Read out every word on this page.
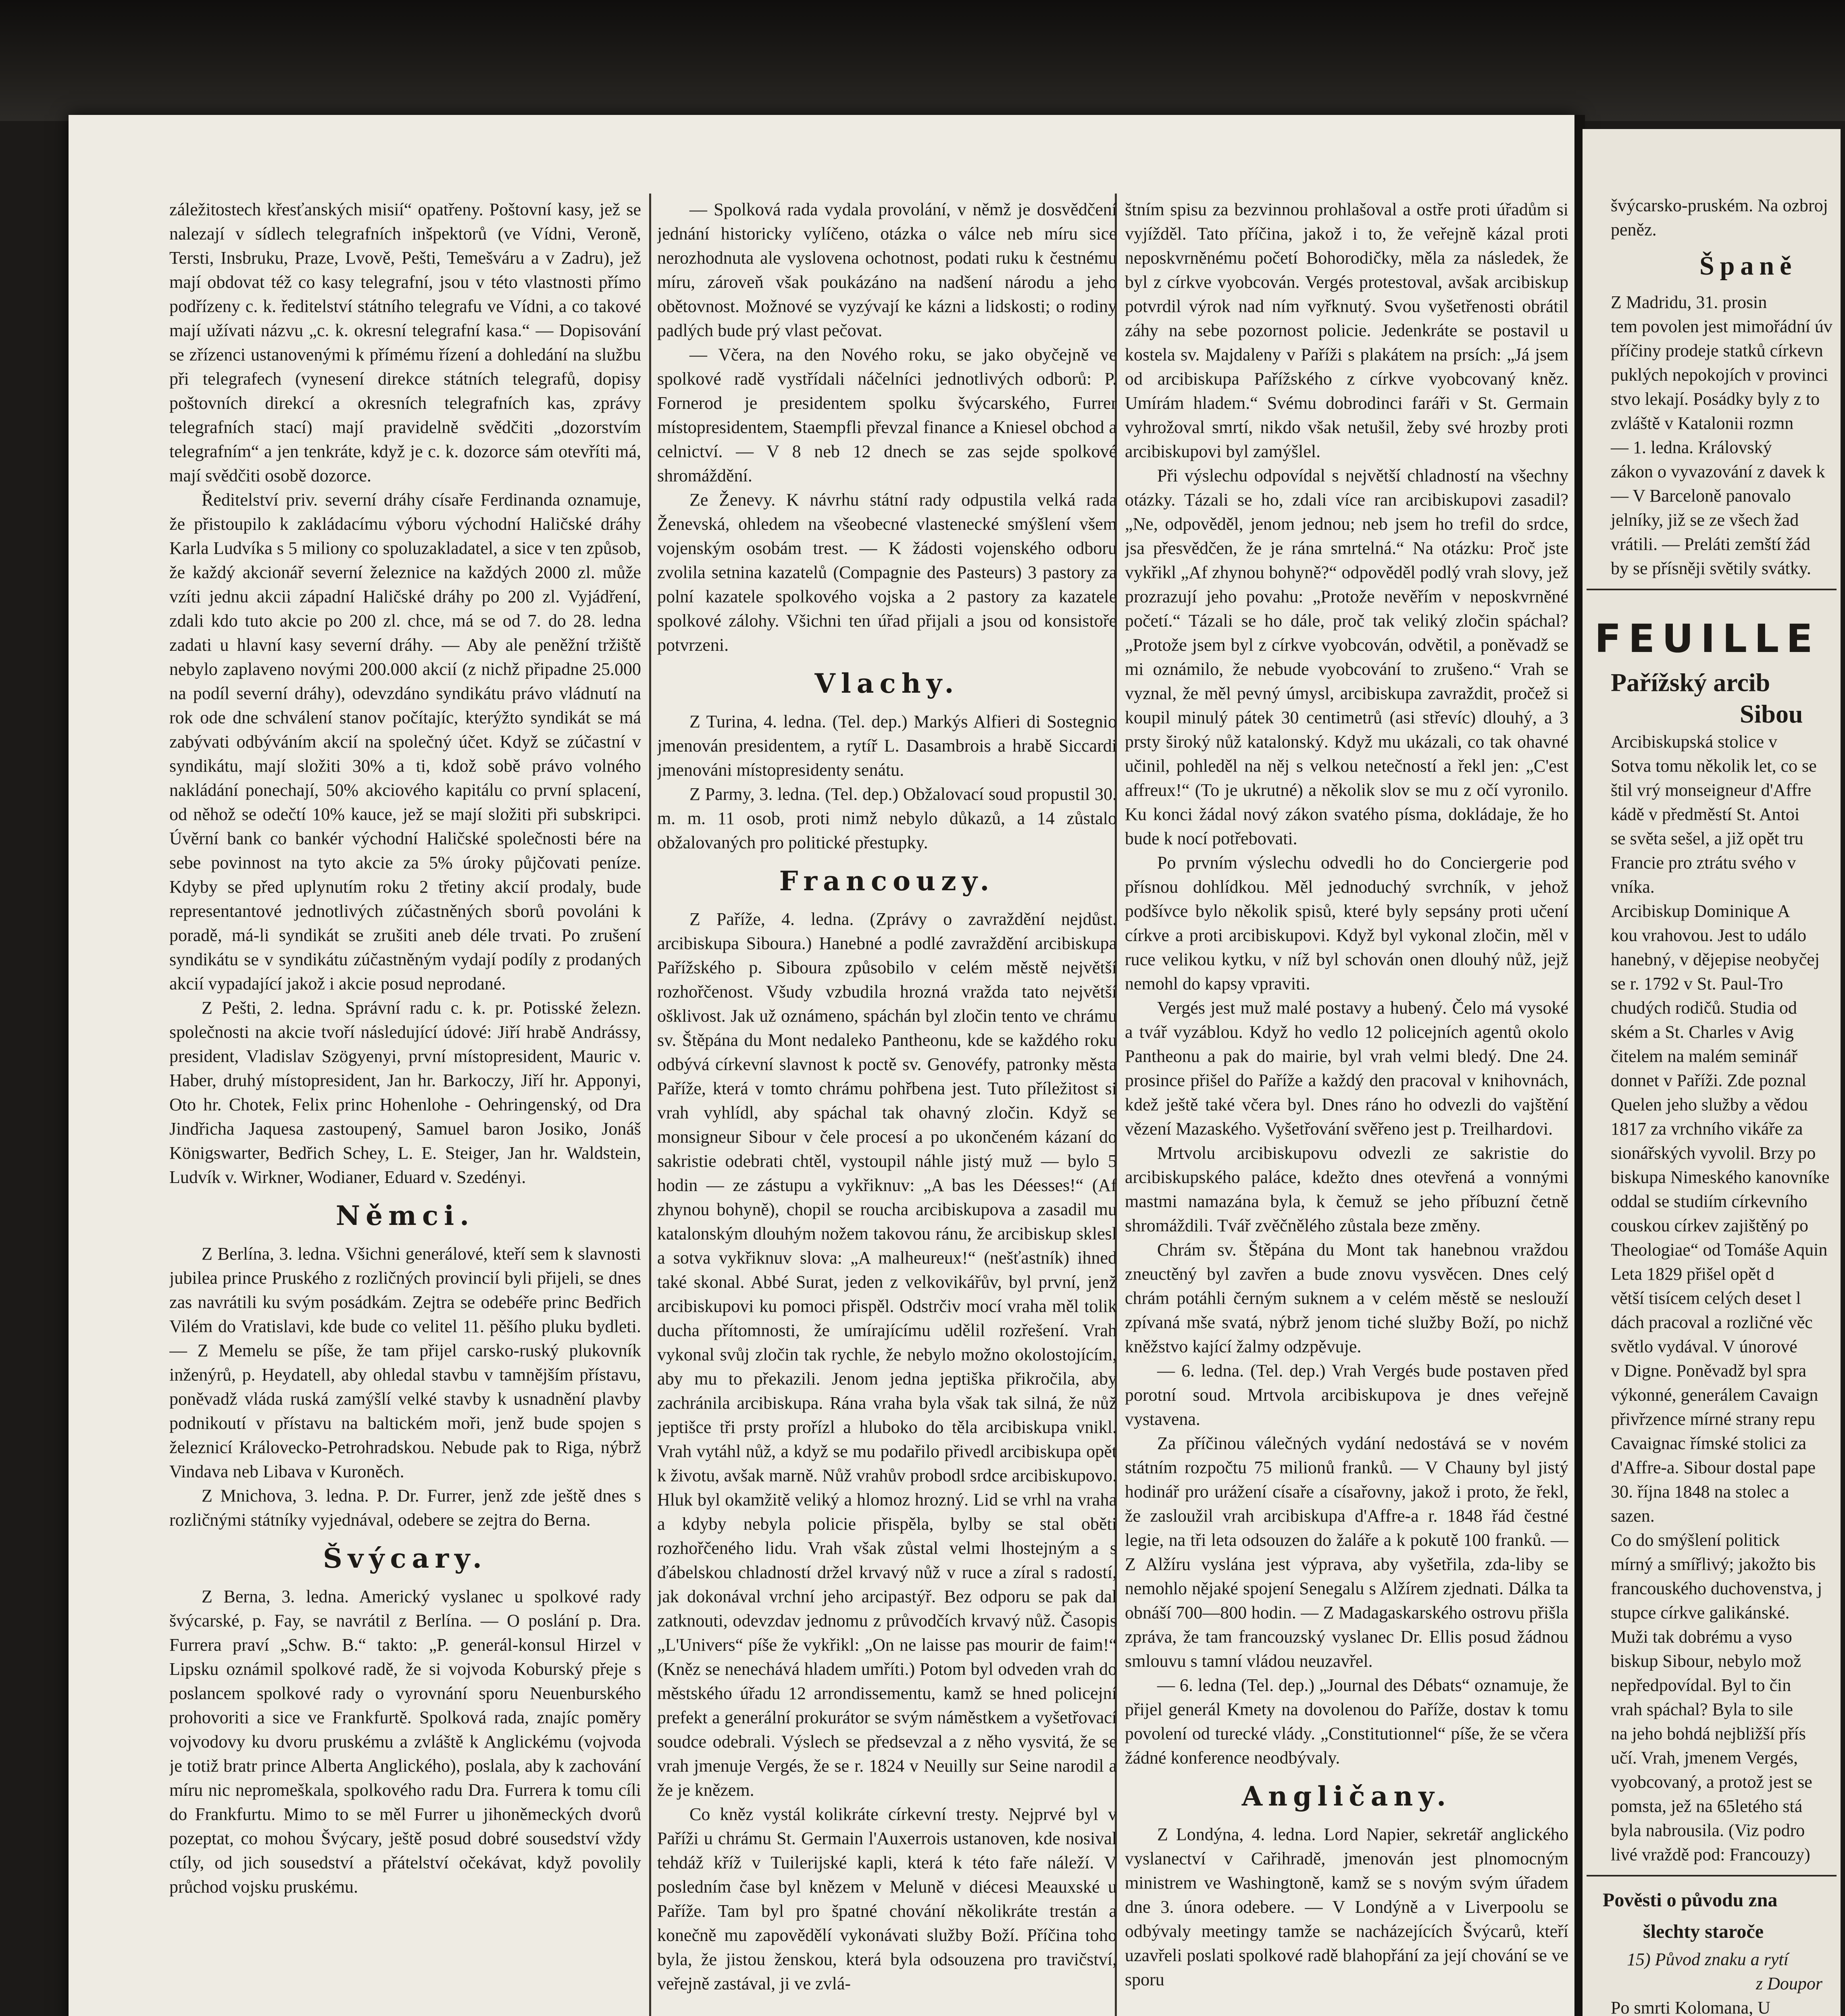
záležitostech křesťanských misií“ opatřeny. Poštovní kasy, jež se nalezají v sídlech telegrafních inšpektorů (ve Vídni, Veroně, Tersti, Insbruku, Praze, Lvově, Pešti, Temešváru a v Zadru), jež mají obdovat též co kasy telegrafní, jsou v této vlastnosti přímo podřízeny c. k. ředitelství státního telegrafu ve Vídni, a co takové mají užívati názvu „c. k. okresní telegrafní kasa.“ — Dopisování se zřízenci ustanovenými k přímému řízení a dohledání na službu při telegrafech (vynesení direkce státních telegrafů, dopisy poštovních direkcí a okresních telegrafních kas, zprávy telegrafních stací) mají pravidelně svědčiti „dozorstvím telegrafním“ a jen tenkráte, když je c. k. dozorce sám otevříti má, mají svědčiti osobě dozorce.

Ředitelství priv. severní dráhy císaře Ferdinanda oznamuje, že přistoupilo k zakládacímu výboru východní Haličské dráhy Karla Ludvíka s 5 miliony co spoluzakladatel, a sice v ten způsob, že každý akcionář severní železnice na každých 2000 zl. může vzíti jednu akcii západní Haličské dráhy po 200 zl. Vyjádření, zdali kdo tuto akcie po 200 zl. chce, má se od 7. do 28. ledna zadati u hlavní kasy severní dráhy. — Aby ale peněžní tržiště nebylo zaplaveno novými 200.000 akcií (z nichž připadne 25.000 na podíl severní dráhy), odevzdáno syndikátu právo vládnutí na rok ode dne schválení stanov počítajíc, kterýžto syndikát se má zabývati odbýváním akcií na společný účet. Když se zúčastní v syndikátu, mají složiti 30% a ti, kdož sobě právo volného nakládání ponechají, 50% akciového kapitálu co první splacení, od něhož se odečtí 10% kauce, jež se mají složiti při subskripci. Úvěrní bank co bankér východní Haličské společnosti bére na sebe povinnost na tyto akcie za 5% úroky půjčovati peníze. Kdyby se před uplynutím roku 2 třetiny akcií prodaly, bude representantové jednotlivých zúčastněných sborů povoláni k poradě, má-li syndikát se zrušiti aneb déle trvati. Po zrušení syndikátu se v syndikátu zúčastněným vydají podíly z prodaných akcií vypadající jakož i akcie posud neprodané.

Z Pešti, 2. ledna. Správní radu c. k. pr. Potisské železn. společnosti na akcie tvoří následující údové: Jiří hrabě Andrássy, president, Vladislav Szögyenyi, první místopresident, Mauric v. Haber, druhý místopresident, Jan hr. Barkoczy, Jiří hr. Apponyi, Oto hr. Chotek, Felix princ Hohenlohe - Oehringenský, od Dra Jindřicha Jaquesa zastoupený, Samuel baron Josiko, Jonáš Königswarter, Bedřich Schey, L. E. Steiger, Jan hr. Waldstein, Ludvík v. Wirkner, Wodianer, Eduard v. Szedényi.

Němci.

Z Berlína, 3. ledna. Všichni generálové, kteří sem k slavnosti jubilea prince Pruského z rozličných provincií byli přijeli, se dnes zas navrátili ku svým posádkám. Zejtra se odebéře princ Bedřich Vilém do Vratislavi, kde bude co velitel 11. pěšího pluku bydleti. — Z Memelu se píše, že tam přijel carsko-ruský plukovník inženýrů, p. Heydatell, aby ohledal stavbu v tamnějším přístavu, poněvadž vláda ruská zamýšlí velké stavby k usnadnění plavby podnikoutí v přístavu na baltickém moři, jenž bude spojen s železnicí Královecko-Petrohradskou. Nebude pak to Riga, nýbrž Vindava neb Libava v Kuroněch.

Z Mnichova, 3. ledna. P. Dr. Furrer, jenž zde ještě dnes s rozličnými státníky vyjednával, odebere se zejtra do Berna.

Švýcary.

Z Berna, 3. ledna. Americký vyslanec u spolkové rady švýcarské, p. Fay, se navrátil z Berlína. — O poslání p. Dra. Furrera praví „Schw. B.“ takto: „P. generál-konsul Hirzel v Lipsku oznámil spolkové radě, že si vojvoda Koburský přeje s poslancem spolkové rady o vyrovnání sporu Neuenburského prohovoriti a sice ve Frankfurtě. Spolková rada, znajíc poměry vojvodovy ku dvoru pruskému a zvláště k Anglickému (vojvoda je totiž bratr prince Alberta Anglického), poslala, aby k zachování míru nic nepromeškala, spolkového radu Dra. Furrera k tomu cíli do Frankfurtu. Mimo to se měl Furrer u jihoněmeckých dvorů pozeptat, co mohou Švýcary, ještě posud dobré sousedství vždy ctíly, od jich sousedství a přátelství očekávat, když povolily průchod vojsku pruskému.

— Spolková rada vydala provolání, v němž je dosvědčení jednání historicky vylíčeno, otázka o válce neb míru sice nerozhodnuta ale vyslovena ochotnost, podati ruku k čestnému míru, zároveň však poukázáno na nadšení národu a jeho obětovnost. Možnové se vyzývají ke kázni a lidskosti; o rodiny padlých bude prý vlast pečovat.

— Včera, na den Nového roku, se jako obyčejně ve spolkové radě vystřídali náčelníci jednotlivých odborů: P. Fornerod je presidentem spolku švýcarského, Furrer místopresidentem, Staempfli převzal finance a Kniesel obchod a celnictví. — V 8 neb 12 dnech se zas sejde spolkové shromáždění.

Ze Ženevy. K návrhu státní rady odpustila velká rada Ženevská, ohledem na všeobecné vlastenecké smýšlení všem vojenským osobám trest. — K žádosti vojenského odboru zvolila setnina kazatelů (Compagnie des Pasteurs) 3 pastory za polní kazatele spolkového vojska a 2 pastory za kazatele spolkové zálohy. Všichni ten úřad přijali a jsou od konsistoře potvrzeni.

Vlachy.

Z Turina, 4. ledna. (Tel. dep.) Markýs Alfieri di Sostegnio jmenován presidentem, a rytíř L. Dasambrois a hrabě Siccardi jmenováni místopresidenty senátu.

Z Parmy, 3. ledna. (Tel. dep.) Obžalovací soud propustil 30. m. m. 11 osob, proti nimž nebylo důkazů, a 14 zůstalo obžalovaných pro politické přestupky.

Francouzy.

Z Paříže, 4. ledna. (Zprávy o zavraždění nejdůst. arcibiskupa Siboura.) Hanebné a podlé zavraždění arcibiskupa Pařížského p. Siboura způsobilo v celém městě největší rozhořčenost. Všudy vzbudila hrozná vražda tato největší ošklivost. Jak už oznámeno, spáchán byl zločin tento ve chrámu sv. Štěpána du Mont nedaleko Pantheonu, kde se každého roku odbývá církevní slavnost k poctě sv. Genovéfy, patronky města Paříže, která v tomto chrámu pohřbena jest. Tuto příležitost si vrah vyhlídl, aby spáchal tak ohavný zločin. Když se monsigneur Sibour v čele procesí a po ukončeném kázaní do sakristie odebrati chtěl, vystoupil náhle jistý muž — bylo 5 hodin — ze zástupu a vykřiknuv: „A bas les Déesses!“ (Af zhynou bohyně), chopil se roucha arcibiskupova a zasadil mu katalonským dlouhým nožem takovou ránu, že arcibiskup sklesl a sotva vykřiknuv slova: „A malheureux!“ (nešťastník) ihned také skonal. Abbé Surat, jeden z velkovikářův, byl první, jenž arcibiskupovi ku pomoci přispěl. Odstrčiv mocí vraha měl tolik ducha přítomnosti, že umírajícímu udělil rozřešení. Vrah vykonal svůj zločin tak rychle, že nebylo možno okolostojícím, aby mu to překazili. Jenom jedna jeptiška přikročila, aby zachránila arcibiskupa. Rána vraha byla však tak silná, že nůž jeptišce tři prsty prořízl a hluboko do těla arcibiskupa vnikl. Vrah vytáhl nůž, a když se mu podařilo přivedl arcibiskupa opět k životu, avšak marně. Nůž vrahův probodl srdce arcibiskupovo. Hluk byl okamžitě veliký a hlomoz hrozný. Lid se vrhl na vraha a kdyby nebyla policie přispěla, bylby se stal oběti rozhořčeného lidu. Vrah však zůstal velmi lhostejným a s ďábelskou chladností držel krvavý nůž v ruce a zíral s radostí, jak dokonával vrchní jeho arcipastýř. Bez odporu se pak dal zatknouti, odevzdav jednomu z průvodčích krvavý nůž. Časopis „L'Univers“ píše že vykřikl: „On ne laisse pas mourir de faim!“ (Kněz se nenechává hladem umříti.) Potom byl odveden vrah do městského úřadu 12 arrondissementu, kamž se hned policejní prefekt a generální prokurátor se svým náměstkem a vyšetřovací soudce odebrali. Výslech se předsevzal a z něho vysvitá, že se vrah jmenuje Vergés, že se r. 1824 v Neuilly sur Seine narodil a že je knězem.

Co kněz vystál kolikráte církevní tresty. Nejprvé byl v Paříži u chrámu St. Germain l'Auxerrois ustanoven, kde nosival tehdáž kříž v Tuilerijské kapli, která k této faře náleží. V posledním čase byl knězem v Meluně v diécesi Meauxské u Paříže. Tam byl pro špatné chování několikráte trestán a konečně mu zapovědělí vykonávati služby Boží. Příčina toho byla, že jistou ženskou, která byla odsouzena pro travičství, veřejně zastával, ji ve zvlá-

štním spisu za bezvinnou prohlašoval a ostře proti úřadům si vyjížděl. Tato příčina, jakož i to, že veřejně kázal proti neposkvrněnému početí Bohorodičky, měla za následek, že byl z církve vyobcován. Vergés protestoval, avšak arcibiskup potvrdil výrok nad ním vyřknutý. Svou vyšetřenosti obrátil záhy na sebe pozornost policie. Jedenkráte se postavil u kostela sv. Majdaleny v Paříži s plakátem na prsích: „Já jsem od arcibiskupa Pařížského z církve vyobcovaný kněz. Umírám hladem.“ Svému dobrodinci faráři v St. Germain vyhrožoval smrtí, nikdo však netušil, žeby své hrozby proti arcibiskupovi byl zamýšlel.

Při výslechu odpovídal s největší chladností na všechny otázky. Tázali se ho, zdali více ran arcibiskupovi zasadil? „Ne, odpověděl, jenom jednou; neb jsem ho trefil do srdce, jsa přesvědčen, že je rána smrtelná.“ Na otázku: Proč jste vykřikl „Af zhynou bohyně?“ odpověděl podlý vrah slovy, jež prozrazují jeho povahu: „Protože nevěřím v neposkvrněné početí.“ Tázali se ho dále, proč tak veliký zločin spáchal? „Protože jsem byl z církve vyobcován, odvětil, a poněvadž se mi oznámilo, že nebude vyobcování to zrušeno.“ Vrah se vyznal, že měl pevný úmysl, arcibiskupa zavraždit, pročež si koupil minulý pátek 30 centimetrů (asi střevíc) dlouhý, a 3 prsty široký nůž katalonský. Když mu ukázali, co tak ohavné učinil, pohleděl na něj s velkou netečností a řekl jen: „C'est affreux!“ (To je ukrutné) a několik slov se mu z očí vyronilo. Ku konci žádal nový zákon svatého písma, dokládaje, že ho bude k nocí potřebovati.

Po prvním výslechu odvedli ho do Conciergerie pod přísnou dohlídkou. Měl jednoduchý svrchník, v jehož podšívce bylo několik spisů, které byly sepsány proti učení církve a proti arcibiskupovi. Když byl vykonal zločin, měl v ruce velikou kytku, v níž byl schován onen dlouhý nůž, jejž nemohl do kapsy vpraviti.

Vergés jest muž malé postavy a hubený. Čelo má vysoké a tvář vyzáblou. Když ho vedlo 12 policejních agentů okolo Pantheonu a pak do mairie, byl vrah velmi bledý. Dne 24. prosince přišel do Paříže a každý den pracoval v knihovnách, kdež ještě také včera byl. Dnes ráno ho odvezli do vajštění vězení Mazaského. Vyšetřování svěřeno jest p. Treilhardovi.

Mrtvolu arcibiskupovu odvezli ze sakristie do arcibiskupského paláce, kdežto dnes otevřená a vonnými mastmi namazána byla, k čemuž se jeho příbuzní četně shromáždili. Tvář zvěčnělého zůstala beze změny.

Chrám sv. Štěpána du Mont tak hanebnou vraždou zneuctěný byl zavřen a bude znovu vysvěcen. Dnes celý chrám potáhli černým suknem a v celém městě se neslouží zpívaná mše svatá, nýbrž jenom tiché služby Boží, po nichž kněžstvo kající žalmy odzpěvuje.

— 6. ledna. (Tel. dep.) Vrah Vergés bude postaven před porotní soud. Mrtvola arcibiskupova je dnes veřejně vystavena.

Za příčinou válečných vydání nedostává se v novém státním rozpočtu 75 milionů franků. — V Chauny byl jistý hodinář pro urážení císaře a císařovny, jakož i proto, že řekl, že zasloužil vrah arcibiskupa d'Affre-a r. 1848 řád čestné legie, na tři leta odsouzen do žaláře a k pokutě 100 franků. — Z Alžíru vyslána jest výprava, aby vyšetřila, zda-liby se nemohlo nějaké spojení Senegalu s Alžírem zjednati. Dálka ta obnáší 700—800 hodin. — Z Madagaskarského ostrovu přišla zpráva, že tam francouzský vyslanec Dr. Ellis posud žádnou smlouvu s tamní vládou neuzavřel.

— 6. ledna (Tel. dep.) „Journal des Débats“ oznamuje, že přijel generál Kmety na dovolenou do Paříže, dostav k tomu povolení od turecké vlády. „Constitutionnel“ píše, že se včera žádné konference neodbývaly.

Angličany.

Z Londýna, 4. ledna. Lord Napier, sekretář anglického vyslanectví v Cařihradě, jmenován jest plnomocným ministrem ve Washingtoně, kamž se s novým svým úřadem dne 3. února odebere. — V Londýně a v Liverpoolu se odbývaly meetingy tamže se nacházejících Švýcarů, kteří uzavřeli poslati spolkové radě blahopřání za její chování se ve sporu

švýcarsko-pruském. Na ozbroj

peněz.

Španě

Z Madridu, 31. prosin

tem povolen jest mimořádní úv

příčiny prodeje statků církevn

puklých nepokojích v provinci

stvo lekají. Posádky byly z to

zvláště v Katalonii rozmn

— 1. ledna. Královský

zákon o vyvazování z davek k

— V Barceloně panovalo

jelníky, již se ze všech žad

vrátili. — Preláti zemští žád

by se přísněji světily svátky.

FEUILLE
Pařížský arcib
Sibou

Arcibiskupská stolice v

Sotva tomu několik let, co se

štil vrý monseigneur d'Affre

kádě v předměstí St. Antoi

se světa sešel, a již opět tru

Francie pro ztrátu svého v

vníka.

Arcibiskup Dominique A

kou vrahovou. Jest to událo

hanebný, v dějepise neobyčej

se r. 1792 v St. Paul-Tro

chudých rodičů. Studia od

ském a St. Charles v Avig

čitelem na malém seminář

donnet v Paříži. Zde poznal

Quelen jeho služby a vědou

1817 za vrchního vikáře za

sionářských vyvolil. Brzy po

biskupa Nimeského kanovníke

oddal se studiím církevního

couskou církev zajištěný po

Theologiae“ od Tomáše Aquin

Leta 1829 přišel opět d

větší tisícem celých deset l

dách pracoval a rozličné věc

světlo vydával. V únorové

v Digne. Poněvadž byl spra

výkonné, generálem Cavaign

přivřzence mírné strany repu

Cavaignac římské stolici za

d'Affre-a. Sibour dostal pape

30. října 1848 na stolec a

sazen.

Co do smýšlení politick

mírný a smířlivý; jakožto bis

francouského duchovenstva, j

stupce církve galikánské.

Muži tak dobrému a vyso

biskup Sibour, nebylo mož

nepředpovídal. Byl to čin

vrah spáchal? Byla to sile

na jeho bohdá nejbližší přís

učí. Vrah, jmenem Vergés,

vyobcovaný, a protož jest se

pomsta, jež na 65letého stá

byla nabrousila. (Viz podro

livé vraždě pod: Francouzy)

Pověsti o původu zna
šlechty staroče
15) Původ znaku a rytí
z Doupor

Po smrti Kolomana, U
